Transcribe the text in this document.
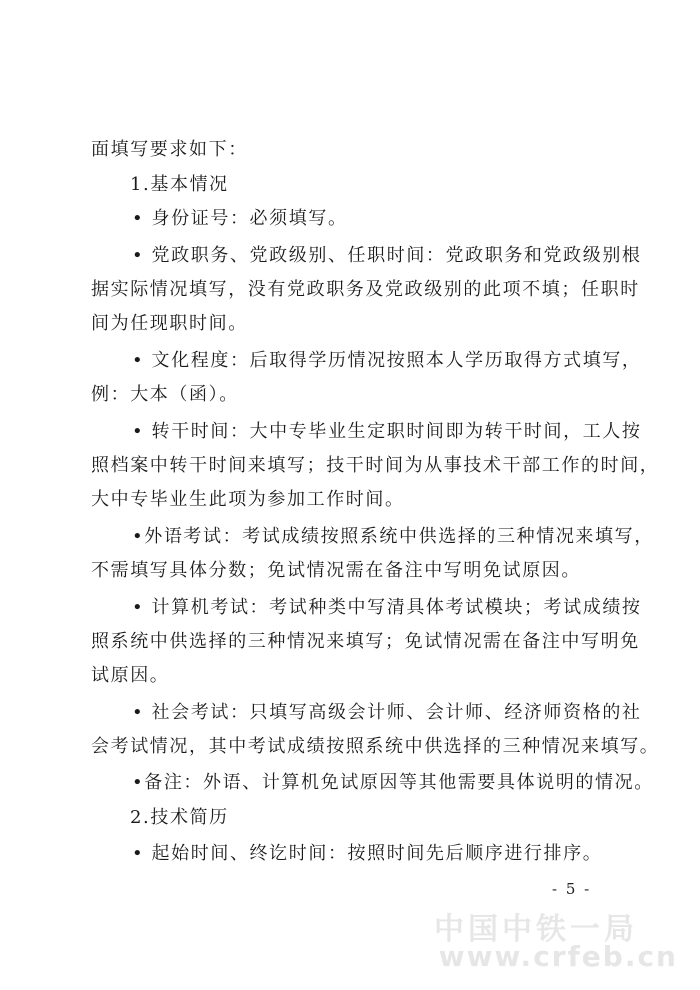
面填写要求如下：
1.基本情况
• 身份证号：必须填写。
• 党政职务、党政级别、任职时间：党政职务和党政级别根
据实际情况填写，没有党政职务及党政级别的此项不填；任职时
间为任现职时间。
• 文化程度：后取得学历情况按照本人学历取得方式填写，
例：大本（函）。
• 转干时间：大中专毕业生定职时间即为转干时间，工人按
照档案中转干时间来填写；技干时间为从事技术干部工作的时间，
大中专毕业生此项为参加工作时间。
•外语考试：考试成绩按照系统中供选择的三种情况来填写，
不需填写具体分数；免试情况需在备注中写明免试原因。
• 计算机考试：考试种类中写清具体考试模块；考试成绩按
照系统中供选择的三种情况来填写；免试情况需在备注中写明免
试原因。
• 社会考试：只填写高级会计师、会计师、经济师资格的社
会考试情况，其中考试成绩按照系统中供选择的三种情况来填写。
•备注：外语、计算机免试原因等其他需要具体说明的情况。
2.技术简历
• 起始时间、终讫时间：按照时间先后顺序进行排序。
- 5 -
中国中铁一局
www.crfeb.cn
